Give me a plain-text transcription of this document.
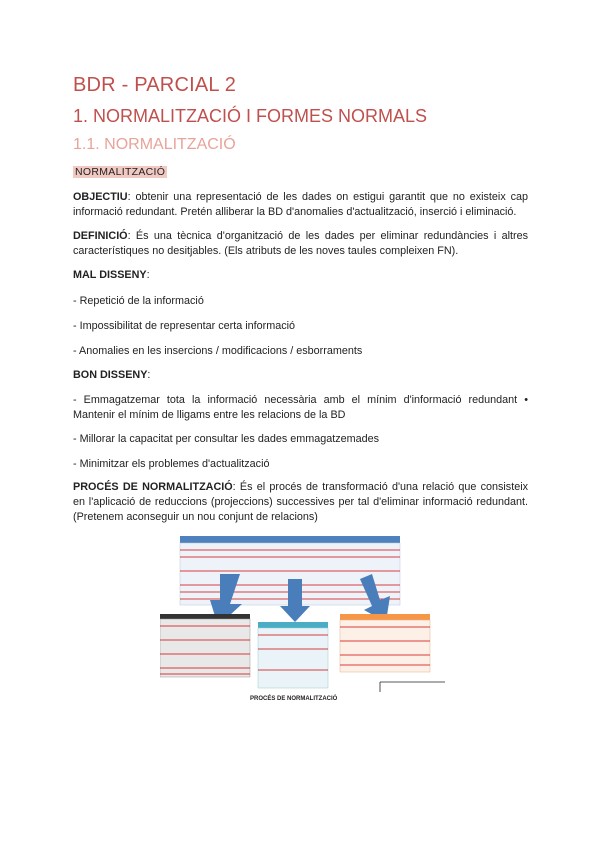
BDR - PARCIAL 2
1. NORMALITZACIÓ I FORMES NORMALS
1.1. NORMALITZACIÓ
NORMALITZACIÓ
OBJECTIU: obtenir una representació de les dades on estigui garantit que no existeix cap informació redundant. Pretén alliberar la BD d'anomalies d'actualització, inserció i eliminació.
DEFINICIÓ: És una tècnica d'organització de les dades per eliminar redundàncies i altres característiques no desitjables. (Els atributs de les noves taules compleixen FN).
MAL DISSENY:
- Repetició de la informació
- Impossibilitat de representar certa informació
- Anomalies en les insercions / modificacions / esborraments
BON DISSENY:
- Emmagatzemar tota la informació necessària amb el mínim d'informació redundant • Mantenir el mínim de lligams entre les relacions de la BD
- Millorar la capacitat per consultar les dades emmagatzemades
- Minimitzar els problemes d'actualització
PROCÉS DE NORMALITZACIÓ: És el procés de transformació d'una relació que consisteix en l'aplicació de reduccions (projeccions) successives per tal d'eliminar informació redundant. (Pretenem aconseguir un nou conjunt de relacions)
PROCÉS DE NORMALITZACIÓ
